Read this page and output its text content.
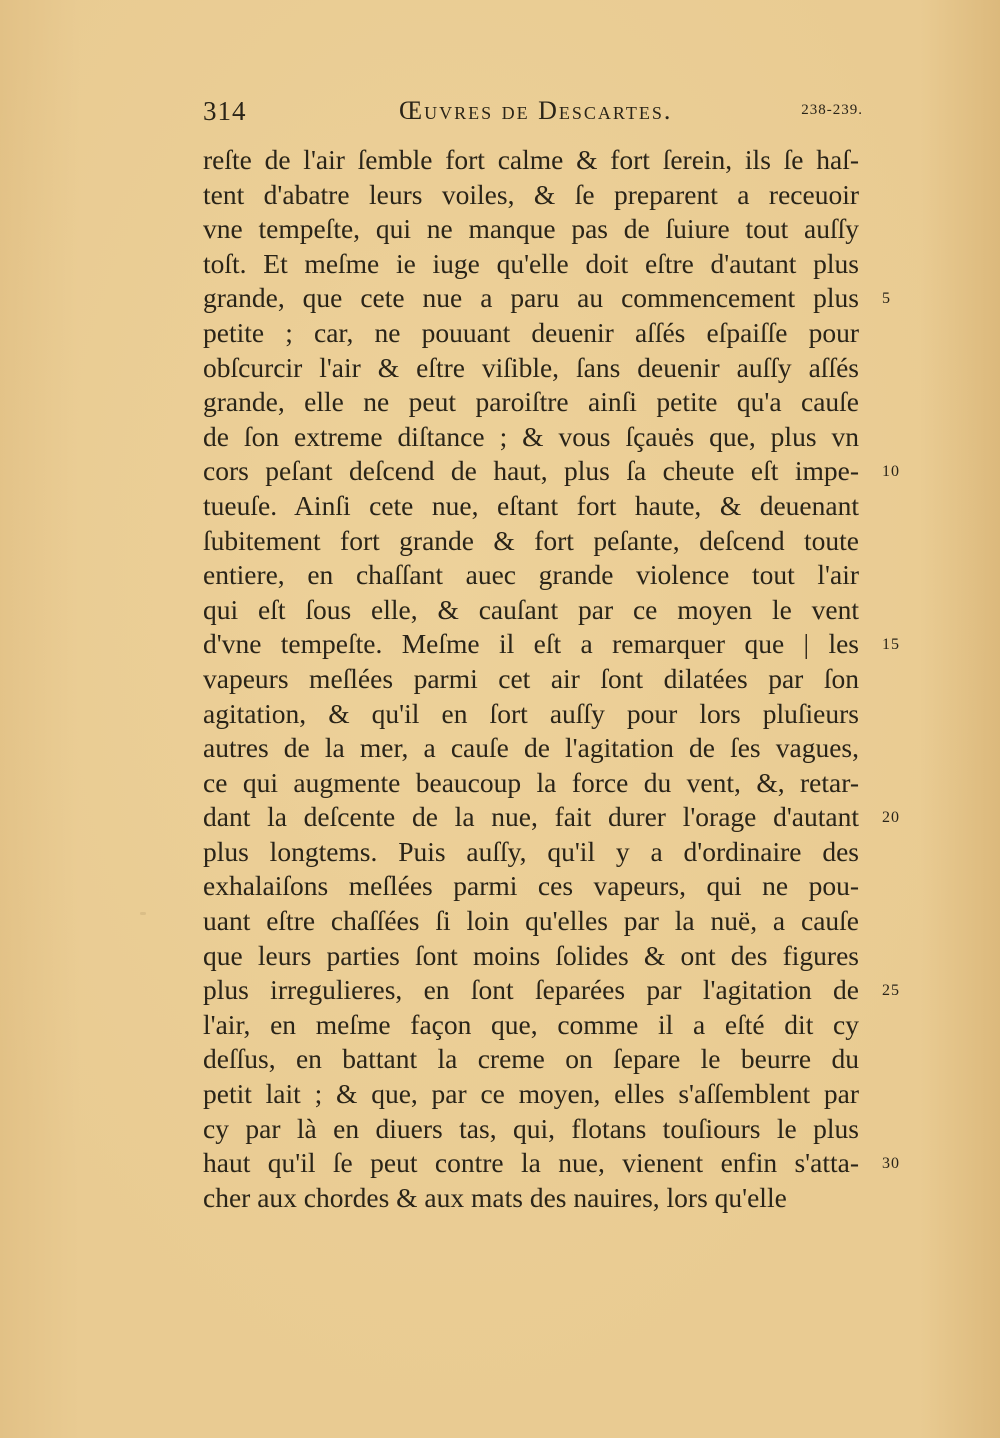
314	Œuvres de Descartes.	238-239.
reſte de l'air ſemble fort calme & fort ſerein, ils ſe haſ-
tent d'abatre leurs voiles, & ſe preparent a receuoir
vne tempeſte, qui ne manque pas de ſuiure tout auſſy
toſt. Et meſme ie iuge qu'elle doit eſtre d'autant plus
grande, que cete nue a paru au commencement plus
petite ; car, ne pouuant deuenir aſſés eſpaiſſe pour
obſcurcir l'air & eſtre viſible, ſans deuenir auſſy aſſés
grande, elle ne peut paroiſtre ainſi petite qu'a cauſe
de ſon extreme diſtance ; & vous ſçauės que, plus vn
cors peſant deſcend de haut, plus ſa cheute eſt impe-
tueuſe. Ainſi cete nue, eſtant fort haute, & deuenant
ſubitement fort grande & fort peſante, deſcend toute
entiere, en chaſſant auec grande violence tout l'air
qui eſt ſous elle, & cauſant par ce moyen le vent
d'vne tempeſte. Meſme il eſt a remarquer que | les
vapeurs meſlées parmi cet air ſont dilatées par ſon
agitation, & qu'il en ſort auſſy pour lors pluſieurs
autres de la mer, a cauſe de l'agitation de ſes vagues,
ce qui augmente beaucoup la force du vent, &, retar-
dant la deſcente de la nue, fait durer l'orage d'autant
plus longtems. Puis auſſy, qu'il y a d'ordinaire des
exhalaiſons meſlées parmi ces vapeurs, qui ne pou-
uant eſtre chaſſées ſi loin qu'elles par la nuë, a cauſe
que leurs parties ſont moins ſolides & ont des figures
plus irregulieres, en ſont ſeparées par l'agitation de
l'air, en meſme façon que, comme il a eſté dit cy
deſſus, en battant la creme on ſepare le beurre du
petit lait ; & que, par ce moyen, elles s'aſſemblent par
cy par là en diuers tas, qui, flotans touſiours le plus
haut qu'il ſe peut contre la nue, vienent enfin s'atta-
cher aux chordes & aux mats des nauires, lors qu'elle
5
10
15
20
25
30
